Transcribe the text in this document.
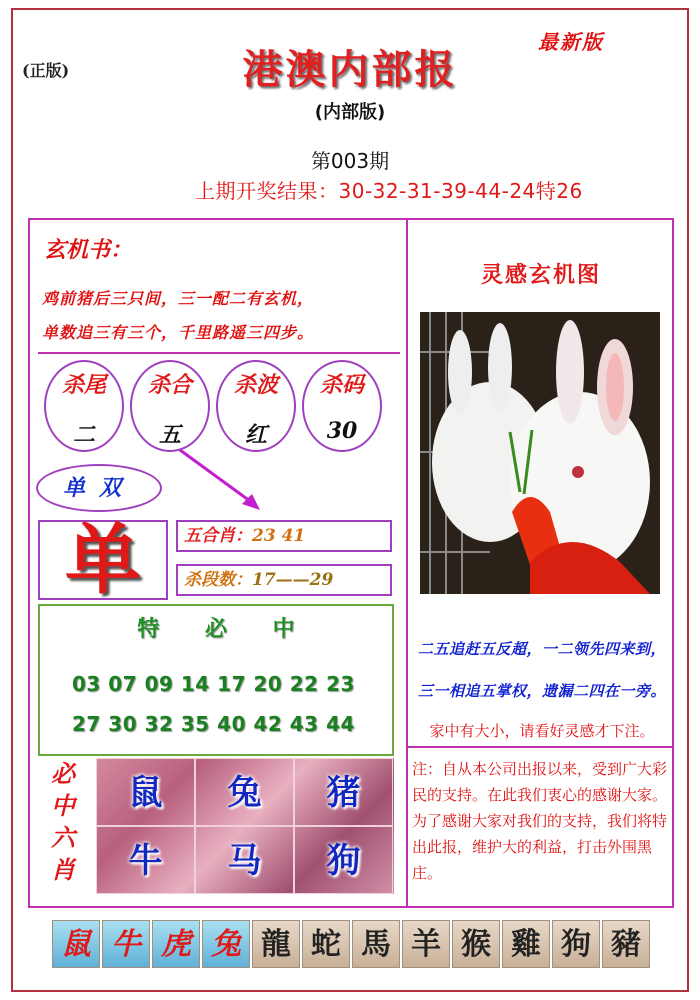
(正版)	港澳内部报
最新版
(内部版)
第003期
上期开奖结果：30-32-31-39-44-24特26
玄机书：
鸡前猪后三只间，三一配二有玄机，
单数追三有三个，千里路遥三四步。
杀尾
二
杀合
五
杀波
红
杀码
30
单双
单	五合肖：23 41
杀段数：17——29
特 必 中
03 07 09 14 17 20 22 23
27 30 32 35 40 42 43 44
必
中
六
肖
鼠	兔	猪
牛	马	狗
灵感玄机图
二五追赶五反超，一二领先四来到，
三一相追五掌权，遗漏二四在一旁。
家中有大小，请看好灵感才下注。
注：自从本公司出报以来，受到广大彩民的支持。在此我们衷心的感谢大家。为了感谢大家对我们的支持，我们将特出此报，维护大的利益，打击外围黑庄。
鼠 牛 虎 兔 龍 蛇 馬 羊 猴 雞 狗 豬
